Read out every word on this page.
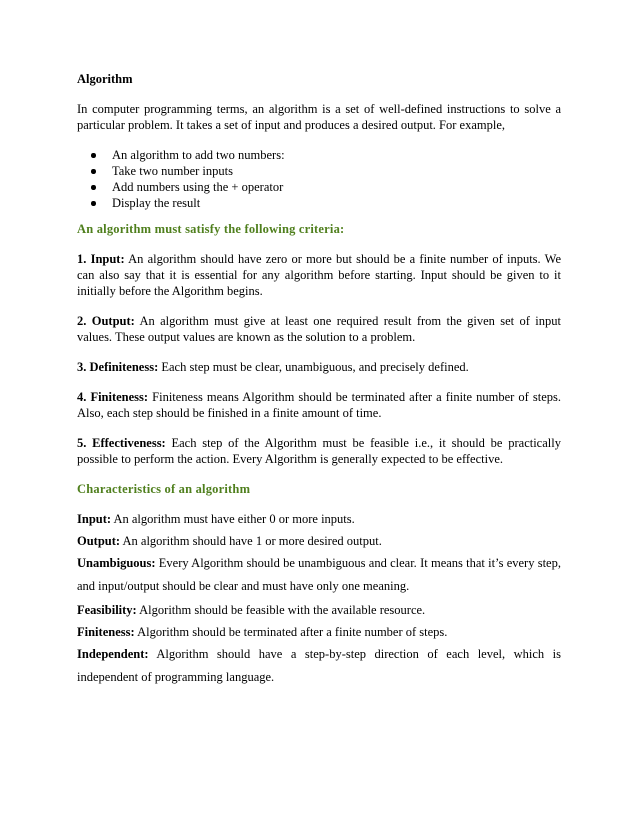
Algorithm
In computer programming terms, an algorithm is a set of well-defined instructions to solve a particular problem. It takes a set of input and produces a desired output. For example,
An algorithm to add two numbers:
Take two number inputs
Add numbers using the + operator
Display the result
An algorithm must satisfy the following criteria:
1. Input: An algorithm should have zero or more but should be a finite number of inputs. We can also say that it is essential for any algorithm before starting. Input should be given to it initially before the Algorithm begins.
2. Output: An algorithm must give at least one required result from the given set of input values. These output values are known as the solution to a problem.
3. Definiteness: Each step must be clear, unambiguous, and precisely defined.
4. Finiteness: Finiteness means Algorithm should be terminated after a finite number of steps. Also, each step should be finished in a finite amount of time.
5. Effectiveness: Each step of the Algorithm must be feasible i.e., it should be practically possible to perform the action. Every Algorithm is generally expected to be effective.
Characteristics of an algorithm
Input: An algorithm must have either 0 or more inputs.
Output: An algorithm should have 1 or more desired output.
Unambiguous: Every Algorithm should be unambiguous and clear. It means that it’s every step, and input/output should be clear and must have only one meaning.
Feasibility: Algorithm should be feasible with the available resource.
Finiteness: Algorithm should be terminated after a finite number of steps.
Independent: Algorithm should have a step-by-step direction of each level, which is independent of programming language.
